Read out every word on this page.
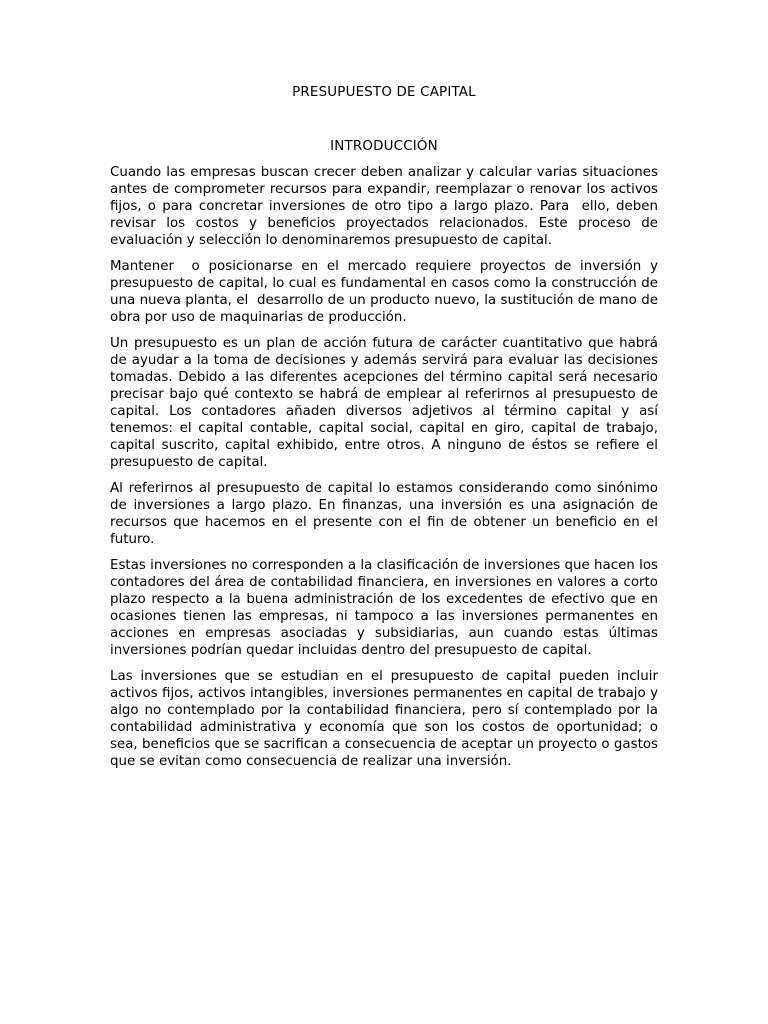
PRESUPUESTO DE CAPITAL
INTRODUCCIÓN

Cuando las empresas buscan crecer deben analizar y calcular varias situaciones antes de comprometer recursos para expandir, reemplazar o renovar los activos fijos, o para concretar inversiones de otro tipo a largo plazo. Para  ello, deben revisar los costos y beneficios proyectados relacionados. Este proceso de evaluación y selección lo denominaremos presupuesto de capital.

Mantener  o posicionarse en el mercado requiere proyectos de inversión y presupuesto de capital, lo cual es fundamental en casos como la construcción de una nueva planta, el  desarrollo de un producto nuevo, la sustitución de mano de obra por uso de maquinarias de producción.

Un presupuesto es un plan de acción futura de carácter cuantitativo que habrá de ayudar a la toma de decisiones y además servirá para evaluar las decisiones tomadas. Debido a las diferentes acepciones del término capital será necesario precisar bajo qué contexto se habrá de emplear al referirnos al presupuesto de capital. Los contadores añaden diversos adjetivos al término capital y así tenemos: el capital contable, capital social, capital en giro, capital de trabajo, capital suscrito, capital exhibido, entre otros. A ninguno de éstos se refiere el presupuesto de capital.

Al referirnos al presupuesto de capital lo estamos considerando como sinónimo de inversiones a largo plazo. En finanzas, una inversión es una asignación de recursos que hacemos en el presente con el fin de obtener un beneficio en el futuro.

Estas inversiones no corresponden a la clasificación de inversiones que hacen los contadores del área de contabilidad financiera, en inversiones en valores a corto plazo respecto a la buena administración de los excedentes de efectivo que en ocasiones tienen las empresas, ni tampoco a las inversiones permanentes en acciones en empresas asociadas y subsidiarias, aun cuando estas últimas inversiones podrían quedar incluidas dentro del presupuesto de capital.

Las inversiones que se estudian en el presupuesto de capital pueden incluir activos fijos, activos intangibles, inversiones permanentes en capital de trabajo y algo no contemplado por la contabilidad financiera, pero sí contemplado por la contabilidad administrativa y economía que son los costos de oportunidad; o sea, beneficios que se sacrifican a consecuencia de aceptar un proyecto o gastos que se evitan como consecuencia de realizar una inversión.
